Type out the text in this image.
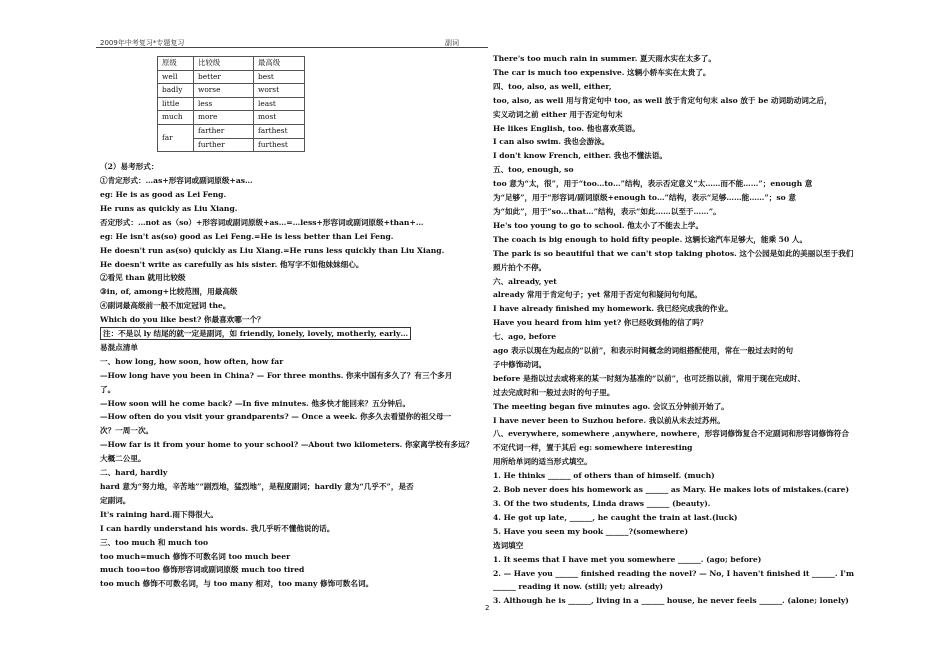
2009年中考复习*专题复习	副词
原级	比较级	最高级
well	better	best
badly	worse	worst
little	less	least
much	more	most
far	farther	farthest
	further	furthest
（2）易考形式：
①肯定形式：…as+形容词或副词原级+as…
eg: He is as good as Lei Feng.
He runs as quickly as Liu Xiang.
否定形式：…not as（so）+形容词或副词原级+as…=…less+形容词或副词原级+than+…
eg: He isn't as(so) good as Lei Feng.=He is less better than Lei Feng.
He doesn't run as(so) quickly as Liu Xiang.=He runs less quickly than Liu Xiang.
He doesn't write as carefully as his sister. 他写字不如他妹妹细心。
②看见 than 就用比较级
③in, of, among+比较范围，用最高级
④副词最高级前一般不加定冠词 the。
Which do you like best? 你最喜欢哪一个？
注：不是以 ly 结尾的就一定是副词，如 friendly, lonely, lovely, motherly, early…
易混点清单
一、how long, how soon, how often, how far
—How long have you been in China? — For three months. 你来中国有多久了？有三个多月
了。
—How soon will he come back? —In five minutes. 他多快才能回来？五分钟后。
—How often do you visit your grandparents? — Once a week. 你多久去看望你的祖父母一
次？一周一次。
—How far is it from your home to your school? —About two kilometers. 你家离学校有多远？
大概二公里。
二、hard, hardly
hard 意为“努力地，辛苦地”“剧烈地，猛烈地”，是程度副词；hardly 意为“几乎不”，是否
定副词。
It's raining hard.雨下得很大。
I can hardly understand his words. 我几乎听不懂他说的话。
三、too much 和 much too
too much=much 修饰不可数名词 too much beer
much too=too 修饰形容词或副词原级 much too tired
too much 修饰不可数名词，与 too many 相对，too many 修饰可数名词。
There's too much rain in summer. 夏天雨水实在太多了。
The car is much too expensive. 这辆小轿车实在太贵了。
四、too, also, as well, either,
too, also, as well 用与肯定句中 too, as well 放于肯定句句末 also 放于 be 动词助动词之后，
实义动词之前 either 用于否定句句末
He likes English, too. 他也喜欢英语。
I can also swim. 我也会游泳。
I don't know French, either. 我也不懂法语。
五、too, enough, so
too 意为“太，很”，用于“too…to…”结构，表示否定意义“太……而不能……”；enough 意
为“足够”，用于“形容词/副词原级+enough to…”结构，表示“足够……能……”；so 意
为“如此”，用于“so…that…”结构，表示“如此……以至于……”。
He's too young to go to school. 他太小了不能去上学。
The coach is big enough to hold fifty people. 这辆长途汽车足够大，能乘 50 人。
The park is so beautiful that we can't stop taking photos. 这个公园是如此的美丽以至于我们
照片拍个不停。
六、already, yet
already 常用于肯定句子；yet 常用于否定句和疑问句句尾。
I have already finished my homework. 我已经完成我的作业。
Have you heard from him yet? 你已经收到他的信了吗？
七、ago, before
ago 表示以现在为起点的“以前”，和表示时间概念的词组搭配使用，常在一般过去时的句
子中修饰动词。
before 是指以过去或将来的某一时刻为基准的“以前”，也可泛指以前，常用于现在完成时、
过去完成时和一般过去时的句子里。
The meeting began five minutes ago. 会议五分钟前开始了。
I have never been to Suzhou before. 我以前从未去过苏州。
八、everywhere, somewhere ,anywhere, nowhere，形容词修饰复合不定副词和形容词修饰符合
不定代词一样，置于其后 eg: somewhere interesting
用所给单词的适当形式填空。
1. He thinks ______ of others than of himself. (much)
2. Bob never does his homework as ______ as Mary. He makes lots of mistakes.(care)
3. Of the two students, Linda draws ______ (beauty).
4. He got up late, ______, he caught the train at last.(luck)
5. Have you seen my book ______?(somewhere)
选词填空
1. It seems that I have met you somewhere ______. (ago; before)
2. — Have you ______ finished reading the novel? — No, I haven't finished it ______. I'm
______ reading it now. (still; yet; already)
3. Although he is ______, living in a ______ house, he never feels ______. (alone; lonely)
2
